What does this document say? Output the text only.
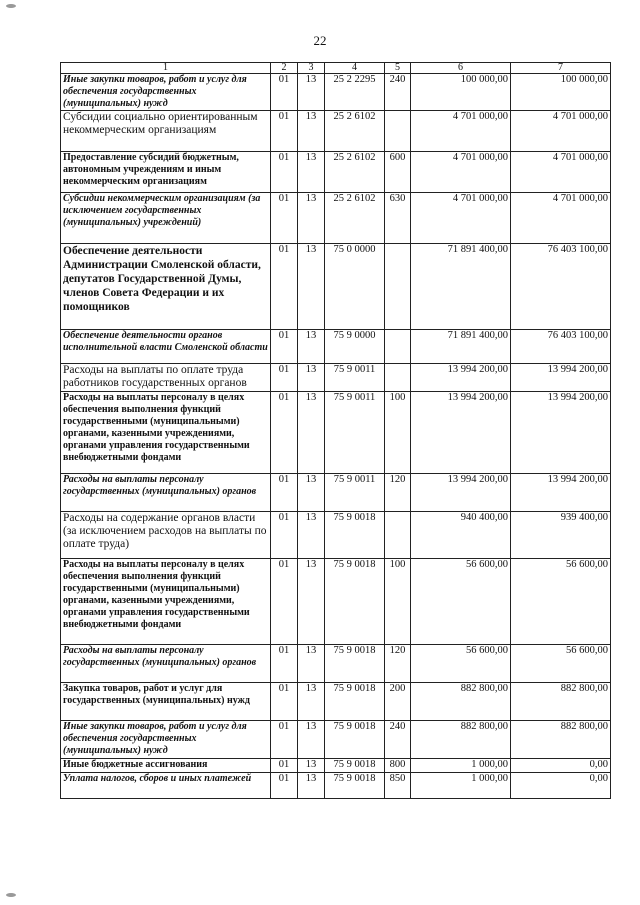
22
1	2	3	4	5	6	7
Иные закупки товаров, работ и услуг для обеспечения государственных (муниципальных) нужд	01	13	25 2 2295	240	100 000,00	100 000,00
Субсидии социально ориентированным некоммерческим организациям	01	13	25 2 6102		4 701 000,00	4 701 000,00
Предоставление субсидий бюджетным, автономным учреждениям и иным некоммерческим организациям	01	13	25 2 6102	600	4 701 000,00	4 701 000,00
Субсидии некоммерческим организациям (за исключением государственных (муниципальных) учреждений)	01	13	25 2 6102	630	4 701 000,00	4 701 000,00
Обеспечение деятельности Администрации Смоленской области, депутатов Государственной Думы, членов Совета Федерации и их помощников	01	13	75 0 0000		71 891 400,00	76 403 100,00
Обеспечение деятельности органов исполнительной власти Смоленской области	01	13	75 9 0000		71 891 400,00	76 403 100,00
Расходы на выплаты по оплате труда работников государственных органов	01	13	75 9 0011		13 994 200,00	13 994 200,00
Расходы на выплаты персоналу в целях обеспечения выполнения функций государственными (муниципальными) органами, казенными учреждениями, органами управления государственными внебюджетными фондами	01	13	75 9 0011	100	13 994 200,00	13 994 200,00
Расходы на выплаты персоналу государственных (муниципальных) органов	01	13	75 9 0011	120	13 994 200,00	13 994 200,00
Расходы на содержание органов власти (за исключением расходов на выплаты по оплате труда)	01	13	75 9 0018		940 400,00	939 400,00
Расходы на выплаты персоналу в целях обеспечения выполнения функций государственными (муниципальными) органами, казенными учреждениями, органами управления государственными внебюджетными фондами	01	13	75 9 0018	100	56 600,00	56 600,00
Расходы на выплаты персоналу государственных (муниципальных) органов	01	13	75 9 0018	120	56 600,00	56 600,00
Закупка товаров, работ и услуг для государственных (муниципальных) нужд	01	13	75 9 0018	200	882 800,00	882 800,00
Иные закупки товаров, работ и услуг для обеспечения государственных (муниципальных) нужд	01	13	75 9 0018	240	882 800,00	882 800,00
Иные бюджетные ассигнования	01	13	75 9 0018	800	1 000,00	0,00
Уплата налогов, сборов и иных платежей	01	13	75 9 0018	850	1 000,00	0,00
